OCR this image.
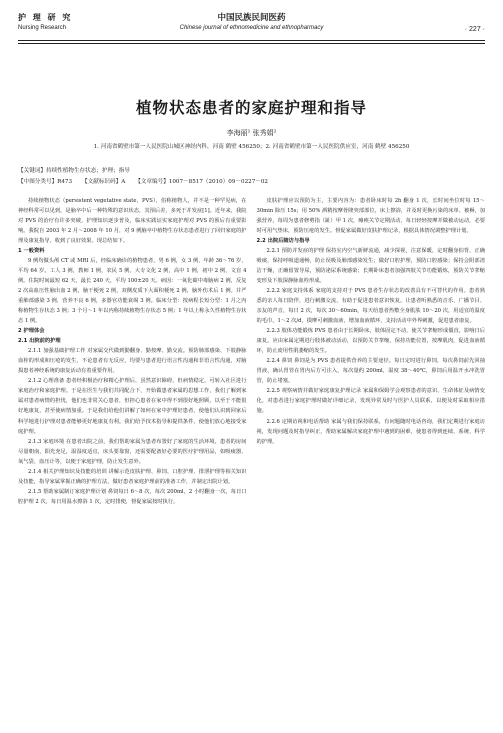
护 理 研 究
Nursing Research
中国民族民间医药
Chinese journal of ethnomedicine and ethnopharmacy	· 227 ·
植物状态患者的家庭护理和指导
李海丽¹ 张秀娟²
1. 河南省鹤壁市第一人民医院山城区神经内科，河南 鹤壁 456250；2. 河南省鹤壁市第一人民医院供应室，河南 鹤壁 456250
【关键词】持续性植物生存状态；护理；指导
【中图分类号】R473 【文献标识码】A 【文章编号】1007－8517（2010）09－0227－02

持续植物状态（persistent vegetative state，PVS），俗称植物人，并不是一种罕见病，在神经科常可以见到，是脑卒中后一种特殊的意识状态，其预后差，多死于并发症[1]。近年来，我院对 PVS 的治疗有许多突破，护理知识逐步普及，临床实践证实家庭护理对 PVS 的预后有重要影响。我院自 2003 年 2 月～2008 年 10 月，对 9 例脑卒中植物生存状态患者进行了回归家庭的护理及康复指导，收到了良好效果。现总结如下。

1 一般资料

9 例均做头颅 CT 或 MRI 后，经临床确诊的植物患者，男 6 例，女 3 例，年龄 36～76 岁，平均 64 岁。工人 3 例，教师 1 例，农民 5 例。大专文化 2 例，高中 1 例，初中 2 例，文盲 4 例。住院时间最短 62 天，最长 240 天，平均 100±20 天。病因：一氧化碳中毒脑病 2 例，反复 2 次高血压性脑出血 2 例，脑干梗死 2 例，双侧皮质下大面积梗死 2 例，脑外伤术后 1 例。并严重肺部感染 3 例，营养不良 6 例，多器官功能衰竭 3 例。临床分型：按病程长短分型：1 月之内称植物生存状态 3 例；3 个月～1 年以内称持续植物生存状态 5 例；1 年以上称永久性植物生存状态 1 例。

2 护理体会

2.1 出院前的护理

2.1.1 加强基础护理工作 对家属交代做到勤翻身、勤按摩、勤交流。预防肺部感染、下肢静脉血栓的形成和压疮的发生，不论患者有无反应，均要与患者进行语言性沟通和非语言性沟通，对脑损患者神经系统的康复活动有着重要作用。

2.1.2 心理准备 患者经积极治疗和精心护理后，虽然意识障碍，但病情稳定，可转入社区进行家庭治疗和家庭护理。于是在医生与我们共同配合下，开始做患者家属的思想工作，我们了解到家属对患者病情的担忧，他们也非常关心患者，但担心患者在家中得不到很好地照顾，以至于不能很好地康复，甚至使病情加重。于是我们给他们讲解了如何在家中护理好患者，使他们认识到回家后科学地进行护理对患者能够更好地康复有利。我们给予技术指导和提供条件，使他们放心地接受家庭护理。

2.1.3 家庭环境 在患者出院之前，我们帮助家属为患者布置好了家庭的生活环境，患者的房间尽量朝南，阳光充足，温湿度适宜，床头要靠窗，还需要配备好必要的医疗护理用品，如吸痰器、氧气袋、血压计等，以便于家庭护理，防止发生意外。

2.1.4 相关护理知识及技能的培训 讲解示范皮肤护理、鼻饲、口腔护理、排泄护理等相关知识及技能，指导家属掌握正确的护理方法，做好患者家庭护理前的准备工作，并制定出院计划。

2.1.5 帮助家属制订家庭护理计划 鼻饲每日 6～8 次，每次 200ml，2 小时翻身一次，每日口腔护理 2 次，每日用温水擦浴 1 次，定时排便，督促家属按时执行。

皮肤护理应以预防为主，主要内容为：患者卧床时每 2h 翻身 1 次，长时间坐位时每 15～30min 除压 15s；用 50% 酒精按摩骨隆突部部位，床上擦浴，并及时更换污染的床单、被褥，加强营养，每周为患者修剪指（趾）甲 1 次，瘫痪关节定期活动，每日轻轻按摩并做被动运动，必要时可用气垫床，预防压疮的发生。督促家属做好皮肤护理记录，根据具体情况调整护理计划。

2.2 出院后随访与指导

2.2.1 预防并发症的护理 保持室内空气新鲜流通，减少探视，注意保暖，定时翻身拍背，正确吸痰，保持呼吸道通畅，防止误吸及肺部感染发生；做好口腔护理，预防口腔感染；保持会阴部清洁干燥，正确留置导尿，预防泌尿系统感染；长期卧床患者加强四肢关节功能锻炼，预防关节挛缩变形及下肢深静脉血栓形成。

2.2.2 家庭支持体系 家庭的支持对于 PVS 患者生存状态的改善具有不可替代的作用。患者熟悉的亲人每日陪伴，进行刺激交流，有助于促进患者意识恢复。让患者听熟悉的音乐、广播节目、亲友的声音，每日 2 次，每次 30～60min，每天给患者热敷全身肌肤 10～20 次，用适宜的温度的毛巾，1～2 次/d，摸摩可刺激血液，增加血液循环，支持活动中外界刺激，促进患者康复。

2.2.3 肢体功能锻炼 PVS 患者由于长期卧床，肢体固定不动，使关节挛缩形成僵直，影响日后康复。应由家属定期进行肢体被动活动，以预防关节挛缩，保持功能位置，按摩肌肉，促进血液循环，防止废用性肌萎缩的发生。

2.2.4 鼻饲 鼻饲是为 PVS 患者提供营养的主要途径。每日定时进行鼻饲，每次鼻饲前先回抽胃液，确认胃管在胃内后方可注入，每次量约 200ml，温度 38～40℃，鼻饲后用温开水冲洗胃管，防止堵塞。

2.2.5 观察病情并做好家庭康复护理记录 家属和保姆学会观察患者的意识、生命体征及病情变化，对患者进行家庭护理时做好详细记录，发现异常及时与医护人员联系，以便及时采取相应措施。

2.2.6 定期访视和电话帮助 家属与我们保持联系，有问题随时电话咨询，我们定期进行家庭访视，发现问题及时指导纠正，帮助家属解决家庭护理中遇到的困难，使患者得到连续、系统、科学的护理。
